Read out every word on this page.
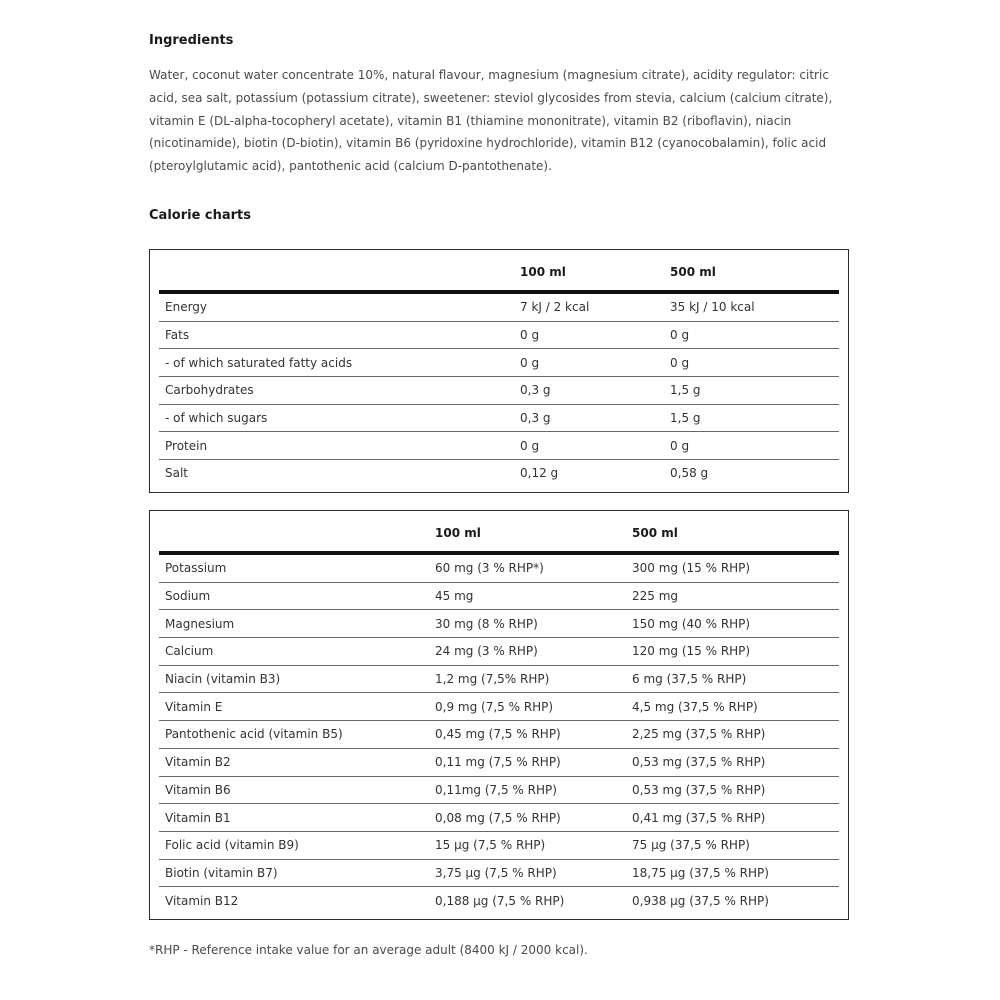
Ingredients

Water, coconut water concentrate 10%, natural flavour, magnesium (magnesium citrate), acidity regulator: citric acid, sea salt, potassium (potassium citrate), sweetener: steviol glycosides from stevia, calcium (calcium citrate), vitamin E (DL-alpha-tocopheryl acetate), vitamin B1 (thiamine mononitrate), vitamin B2 (riboflavin), niacin (nicotinamide), biotin (D-biotin), vitamin B6 (pyridoxine hydrochloride), vitamin B12 (cyanocobalamin), folic acid (pteroylglutamic acid), pantothenic acid (calcium D-pantothenate).

Calorie charts
	100 ml	500 ml
Energy	7 kJ / 2 kcal	35 kJ / 10 kcal
Fats	0 g	0 g
- of which saturated fatty acids	0 g	0 g
Carbohydrates	0,3 g	1,5 g
- of which sugars	0,3 g	1,5 g
Protein	0 g	0 g
Salt	0,12 g	0,58 g
	100 ml	500 ml
Potassium	60 mg (3 % RHP*)	300 mg (15 % RHP)
Sodium	45 mg	225 mg
Magnesium	30 mg (8 % RHP)	150 mg (40 % RHP)
Calcium	24 mg (3 % RHP)	120 mg (15 % RHP)
Niacin (vitamin B3)	1,2 mg (7,5% RHP)	6 mg (37,5 % RHP)
Vitamin E	0,9 mg (7,5 % RHP)	4,5 mg (37,5 % RHP)
Pantothenic acid (vitamin B5)	0,45 mg (7,5 % RHP)	2,25 mg (37,5 % RHP)
Vitamin B2	0,11 mg (7,5 % RHP)	0,53 mg (37,5 % RHP)
Vitamin B6	0,11mg (7,5 % RHP)	0,53 mg (37,5 % RHP)
Vitamin B1	0,08 mg (7,5 % RHP)	0,41 mg (37,5 % RHP)
Folic acid (vitamin B9)	15 µg (7,5 % RHP)	75 µg (37,5 % RHP)
Biotin (vitamin B7)	3,75 µg (7,5 % RHP)	18,75 µg (37,5 % RHP)
Vitamin B12	0,188 µg (7,5 % RHP)	0,938 µg (37,5 % RHP)

*RHP - Reference intake value for an average adult (8400 kJ / 2000 kcal).
